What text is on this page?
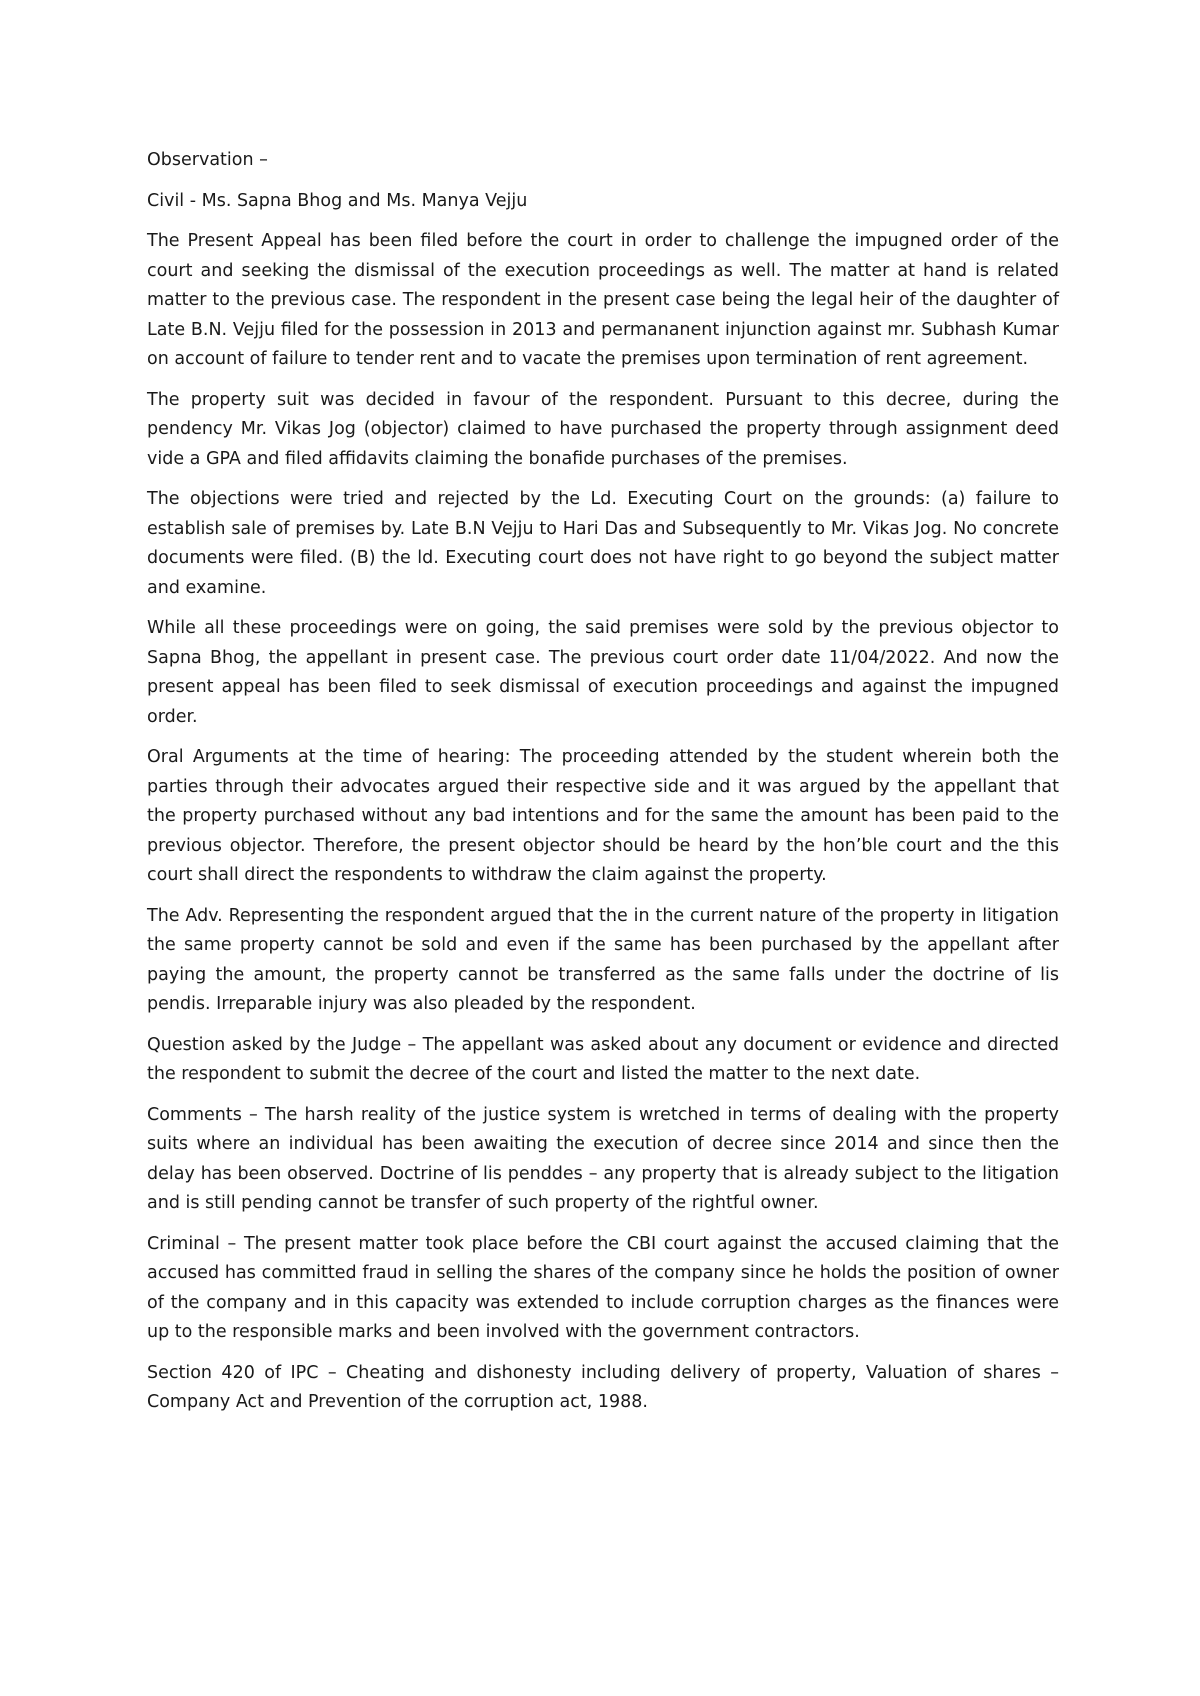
Observation –

Civil - Ms. Sapna Bhog and Ms. Manya Vejju

The Present Appeal has been filed before the court in order to challenge the impugned order of the court and seeking the dismissal of the execution proceedings as well. The matter at hand is related matter to the previous case. The respondent in the present case being the legal heir of the daughter of Late B.N. Vejju filed for the possession in 2013 and permananent injunction against mr. Subhash Kumar on account of failure to tender rent and to vacate the premises upon termination of rent agreement.

The property suit was decided in favour of the respondent. Pursuant to this decree, during the pendency Mr. Vikas Jog (objector) claimed to have purchased the property through assignment deed vide a GPA and filed affidavits claiming the bonafide purchases of the premises.

The objections were tried and rejected by the Ld. Executing Court on the grounds: (a) failure to establish sale of premises by. Late B.N Vejju to Hari Das and Subsequently to Mr. Vikas Jog. No concrete documents were filed. (B) the ld. Executing court does not have right to go beyond the subject matter and examine.

While all these proceedings were on going, the said premises were sold by the previous objector to Sapna Bhog, the appellant in present case. The previous court order date 11/04/2022. And now the present appeal has been filed to seek dismissal of execution proceedings and against the impugned order.

Oral Arguments at the time of hearing: The proceeding attended by the student wherein both the parties through their advocates argued their respective side and it was argued by the appellant that the property purchased without any bad intentions and for the same the amount has been paid to the previous objector. Therefore, the present objector should be heard by the hon’ble court and the this court shall direct the respondents to withdraw the claim against the property.

The Adv. Representing the respondent argued that the in the current nature of the property in litigation the same property cannot be sold and even if the same has been purchased by the appellant after paying the amount, the property cannot be transferred as the same falls under the doctrine of lis pendis. Irreparable injury was also pleaded by the respondent.

Question asked by the Judge – The appellant was asked about any document or evidence and directed the respondent to submit the decree of the court and listed the matter to the next date.

Comments – The harsh reality of the justice system is wretched in terms of dealing with the property suits where an individual has been awaiting the execution of decree since 2014 and since then the delay has been observed. Doctrine of lis penddes – any property that is already subject to the litigation and is still pending cannot be transfer of such property of the rightful owner.

Criminal – The present matter took place before the CBI court against the accused claiming that the accused has committed fraud in selling the shares of the company since he holds the position of owner of the company and in this capacity was extended to include corruption charges as the finances were up to the responsible marks and been involved with the government contractors.

Section 420 of IPC – Cheating and dishonesty including delivery of property, Valuation of shares – Company Act and Prevention of the corruption act, 1988.
